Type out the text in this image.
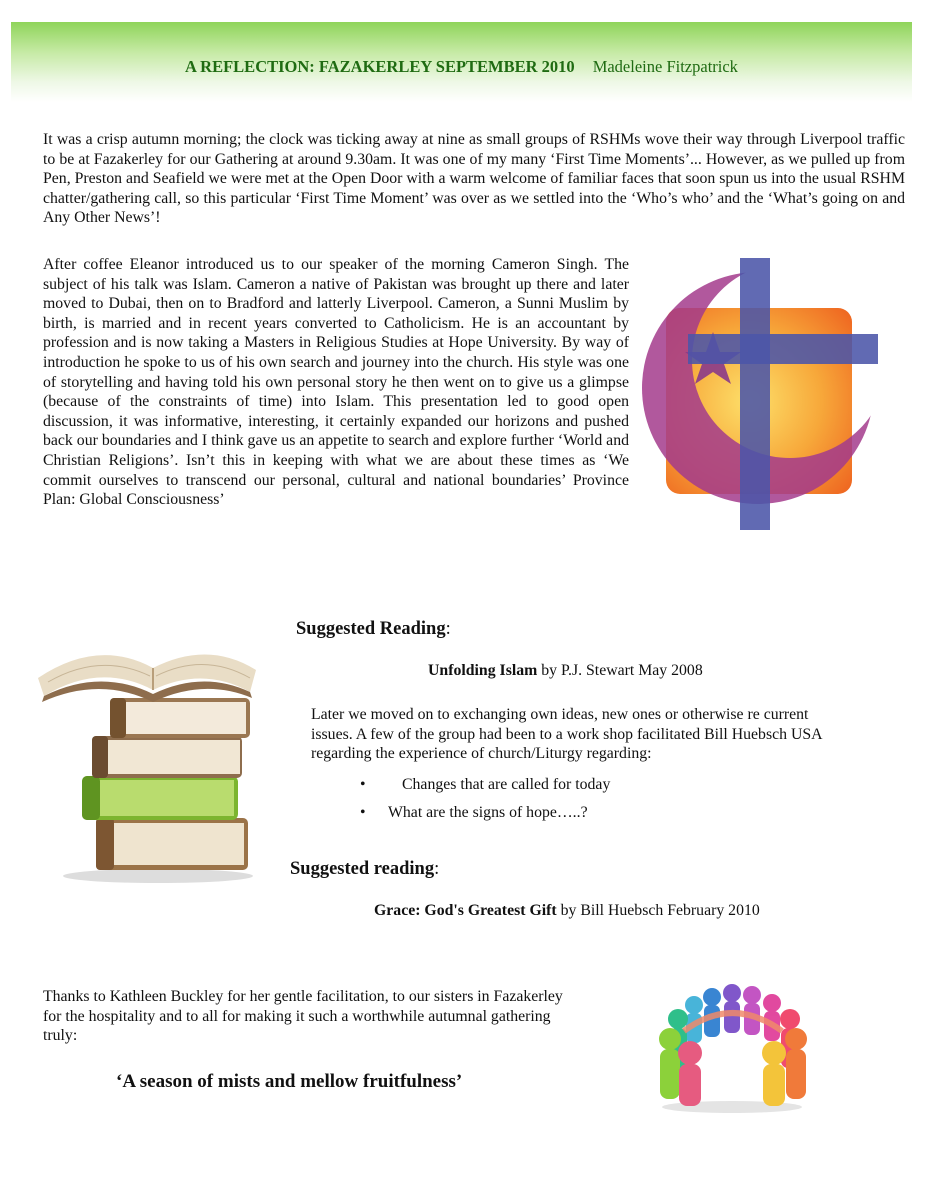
A REFLECTION: FAZAKERLEY SEPTEMBER 2010 Madeleine Fitzpatrick

It was a crisp autumn morning; the clock was ticking away at nine as small groups of RSHMs wove their way through Liverpool traffic to be at Fazakerley for our Gathering at around 9.30am. It was one of my many ‘First Time Moments’... However, as we pulled up from Pen, Preston and Seafield we were met at the Open Door with a warm welcome of familiar faces that soon spun us into the usual RSHM chatter/gathering call, so this particular ‘First Time Moment’ was over as we settled into the ‘Who’s who’ and the ‘What’s going on and Any Other News’!

After coffee Eleanor introduced us to our speaker of the morning Cameron Singh. The subject of his talk was Islam. Cameron a native of Pakistan was brought up there and later moved to Dubai, then on to Bradford and latterly Liverpool. Cameron, a Sunni Muslim by birth, is married and in recent years converted to Catholicism. He is an accountant by profession and is now taking a Masters in Religious Studies at Hope University. By way of introduction he spoke to us of his own search and journey into the church. His style was one of storytelling and having told his own personal story he then went on to give us a glimpse (because of the constraints of time) into Islam. This presentation led to good open discussion, it was informative, interesting, it certainly expanded our horizons and pushed back our boundaries and I think gave us an appetite to search and explore further ‘World and Christian Religions’. Isn’t this in keeping with what we are about these times as ‘We commit ourselves to transcend our personal, cultural and national boundaries’ Province Plan: Global Consciousness’

Suggested Reading:
Unfolding Islam by P.J. Stewart May 2008

Later we moved on to exchanging own ideas, new ones or otherwise re current issues. A few of the group had been to a work shop facilitated Bill Huebsch USA regarding the experience of church/Liturgy regarding:

• Changes that are called for today
• What are the signs of hope…..?
Suggested reading:
Grace: God's Greatest Gift by Bill Huebsch February 2010

Thanks to Kathleen Buckley for her gentle facilitation, to our sisters in Fazakerley for the hospitality and to all for making it such a worthwhile autumnal gathering truly:

‘A season of mists and mellow fruitfulness’
